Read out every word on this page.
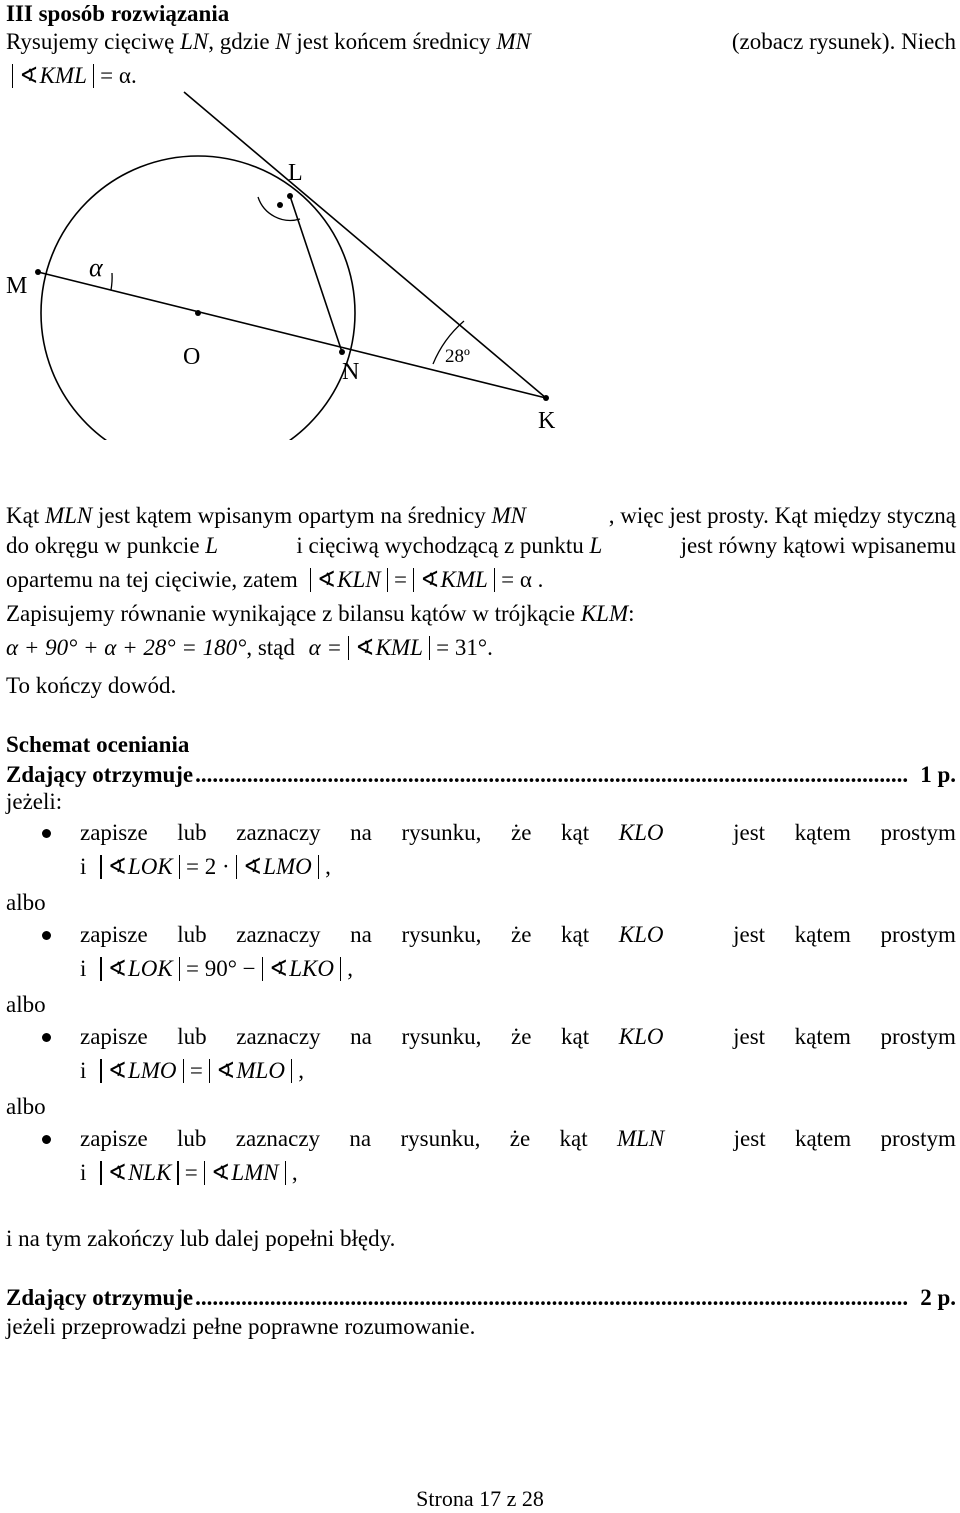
III sposób rozwiązania
Rysujemy cięciwę LN, gdzie N jest końcem średnicy MN	(zobacz rysunek). Niech
∢KML = α.
M
α
O
N
L
K
28º
Kąt MLN jest kątem wpisanym opartym na średnicy MN	, więc jest prosty. Kąt między styczną
do okręgu w punkcie L	i cięciwą wychodzącą z punktu L	jest równy kątowi wpisanemu
opartemu na tej cięciwie, zatem ∢KLN = ∢KML = α .
Zapisujemy równanie wynikające z bilansu kątów w trójkącie KLM:
α + 90° + α + 28° = 180°, stąd α = ∢KML = 31°.
To kończy dowód.
Schemat oceniania
Zdający otrzymuje ............................................................................................................................ 1 p.
jeżeli:
zapisze lub zaznaczy na rysunku, że kąt KLO	jest kątem prostym
i ∢LOK = 2 · ∢LMO ,
albo
zapisze lub zaznaczy na rysunku, że kąt KLO	jest kątem prostym
i ∢LOK = 90° − ∢LKO ,
albo
zapisze lub zaznaczy na rysunku, że kąt KLO	jest kątem prostym
i ∢LMO = ∢MLO ,
albo
zapisze lub zaznaczy na rysunku, że kąt MLN	jest kątem prostym
i ∢NLK = ∢LMN ,
i na tym zakończy lub dalej popełni błędy.
Zdający otrzymuje ............................................................................................................................ 2 p.
jeżeli przeprowadzi pełne poprawne rozumowanie.
Strona 17 z 28
